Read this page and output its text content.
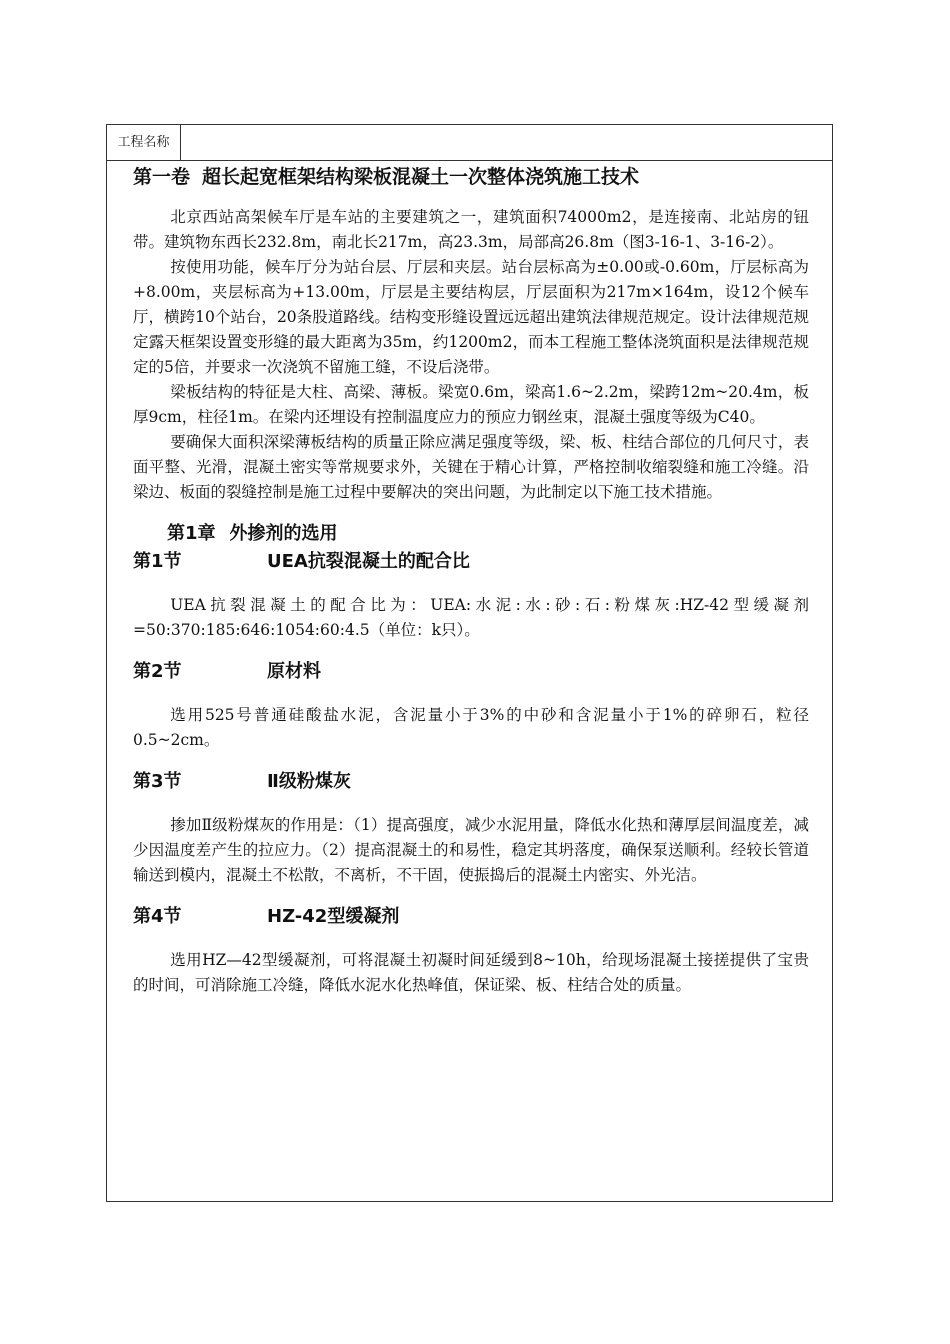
工程名称
第一卷 超长起宽框架结构梁板混凝土一次整体浇筑施工技术

北京西站高架候车厅是车站的主要建筑之一，建筑面积74000m2，是连接南、北站房的钮带。建筑物东西长232.8m，南北长217m，高23.3m，局部高26.8m（图3-16-1、3-16-2）。

按使用功能，候车厅分为站台层、厅层和夹层。站台层标高为±0.00或-0.60m，厅层标高为+8.00m，夹层标高为+13.00m，厅层是主要结构层，厅层面积为217m×164m，设12个候车厅，横跨10个站台，20条股道路线。结构变形缝设置远远超出建筑法律规范规定。设计法律规范规定露天框架设置变形缝的最大距离为35m，约1200m2，而本工程施工整体浇筑面积是法律规范规定的5倍，并要求一次浇筑不留施工缝，不设后浇带。

梁板结构的特征是大柱、高梁、薄板。梁宽0.6m，梁高1.6~2.2m，梁跨12m~20.4m，板厚9cm，柱径1m。在梁内还埋设有控制温度应力的预应力钢丝束，混凝土强度等级为C40。

要确保大面积深梁薄板结构的质量正除应满足强度等级，梁、板、柱结合部位的几何尺寸，表面平整、光滑，混凝土密实等常规要求外，关键在于精心计算，严格控制收缩裂缝和施工冷缝。沿梁边、板面的裂缝控制是施工过程中要解决的突出问题，为此制定以下施工技术措施。

第1章 外掺剂的选用
第1节	UEA抗裂混凝土的配合比

UEA抗裂混凝土的配合比为：UEA:水泥:水:砂:石:粉煤灰:HZ-42型缓凝剂=50:370:185:646:1054:60:4.5（单位：k只）。

第2节	原材料

选用525号普通硅酸盐水泥，含泥量小于3%的中砂和含泥量小于1%的碎卵石，粒径0.5~2cm。

第3节	Ⅱ级粉煤灰

掺加Ⅱ级粉煤灰的作用是：（1）提高强度，减少水泥用量，降低水化热和薄厚层间温度差，减少因温度差产生的拉应力。（2）提高混凝土的和易性，稳定其坍落度，确保泵送顺利。经较长管道输送到模内，混凝土不松散，不离析，不干固，使振捣后的混凝土内密实、外光洁。

第4节	HZ-42型缓凝剂

选用HZ—42型缓凝剂，可将混凝土初凝时间延缓到8~10h，给现场混凝土接搓提供了宝贵的时间，可消除施工冷缝，降低水泥水化热峰值，保证梁、板、柱结合处的质量。
